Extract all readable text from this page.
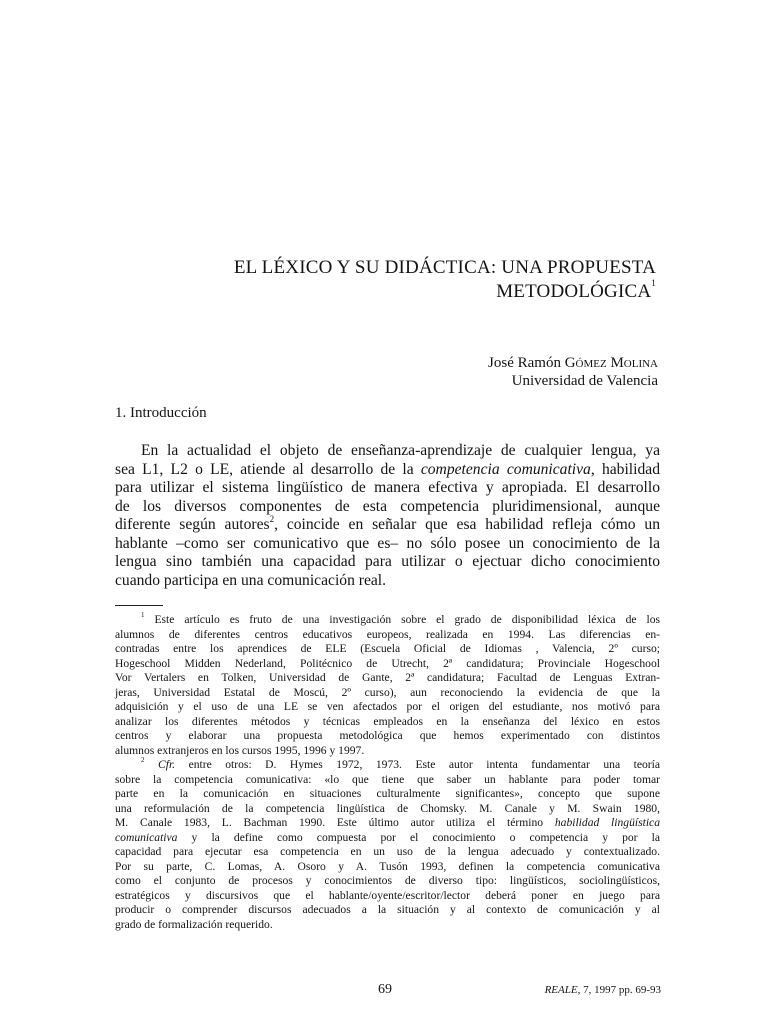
EL LÉXICO Y SU DIDÁCTICA: UNA PROPUESTA
METODOLÓGICA$^1$
José Ramón Gómez Molina
Universidad de Valencia
1. Introducción
En la actualidad el objeto de enseñanza-aprendizaje de cualquier lengua, ya
sea L1, L2 o LE, atiende al desarrollo de la competencia comunicativa, habilidad
para utilizar el sistema lingüístico de manera efectiva y apropiada. El desarrollo
de los diversos componentes de esta competencia pluridimensional, aunque
diferente según autores$^2$, coincide en señalar que esa habilidad refleja cómo un
hablante –como ser comunicativo que es– no sólo posee un conocimiento de la
lengua sino también una capacidad para utilizar o ejectuar dicho conocimiento
cuando participa en una comunicación real.
$^1$ Este artículo es fruto de una investigación sobre el grado de disponibilidad léxica de los
alumnos de diferentes centros educativos europeos, realizada en 1994. Las diferencias en-
contradas entre los aprendices de ELE (Escuela Oficial de Idiomas , Valencia, 2º curso;
Hogeschool Midden Nederland, Politécnico de Utrecht, 2ª candidatura; Provinciale Hogeschool
Vor Vertalers en Tolken, Universidad de Gante, 2ª candidatura; Facultad de Lenguas Extran-
jeras, Universidad Estatal de Moscú, 2º curso), aun reconociendo la evidencia de que la
adquisición y el uso de una LE se ven afectados por el origen del estudiante, nos motivó para
analizar los diferentes métodos y técnicas empleados en la enseñanza del léxico en estos
centros y elaborar una propuesta metodológica que hemos experimentado con distintos
alumnos extranjeros en los cursos 1995, 1996 y 1997.
$^2$ Cfr. entre otros: D. Hymes 1972, 1973. Este autor intenta fundamentar una teoría
sobre la competencia comunicativa: «lo que tiene que saber un hablante para poder tomar
parte en la comunicación en situaciones culturalmente significantes», concepto que supone
una reformulación de la competencia lingüística de Chomsky. M. Canale y M. Swain 1980,
M. Canale 1983, L. Bachman 1990. Este último autor utiliza el término habilidad lingüística
comunicativa y la define como compuesta por el conocimiento o competencia y por la
capacidad para ejecutar esa competencia en un uso de la lengua adecuado y contextualizado.
Por su parte, C. Lomas, A. Osoro y A. Tusón 1993, definen la competencia comunicativa
como el conjunto de procesos y conocimientos de diverso tipo: lingüísticos, sociolingüísticos,
estratégicos y discursivos que el hablante/oyente/escritor/lector deberá poner en juego para
producir o comprender discursos adecuados a la situación y al contexto de comunicación y al
grado de formalización requerido.
69	REALE, 7, 1997 pp. 69-93
